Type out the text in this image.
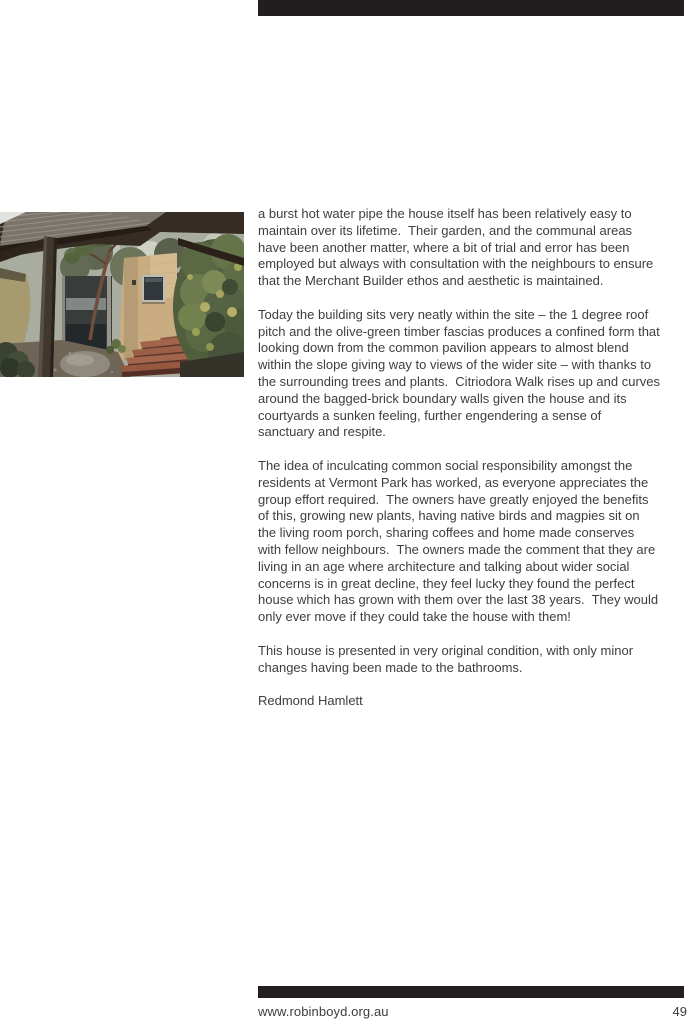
a burst hot water pipe the house itself has been relatively easy to maintain over its lifetime.  Their garden, and the communal areas have been another matter, where a bit of trial and error has been employed but always with consultation with the neighbours to ensure that the Merchant Builder ethos and aesthetic is maintained.

Today the building sits very neatly within the site – the 1 degree roof pitch and the olive-green timber fascias produces a confined form that looking down from the common pavilion appears to almost blend within the slope giving way to views of the wider site – with thanks to the surrounding trees and plants.  Citriodora Walk rises up and curves around the bagged-brick boundary walls given the house and its courtyards a sunken feeling, further engendering a sense of sanctuary and respite.

The idea of inculcating common social responsibility amongst the residents at Vermont Park has worked, as everyone appreciates the group effort required.  The owners have greatly enjoyed the benefits of this, growing new plants, having native birds and magpies sit on the living room porch, sharing coffees and home made conserves with fellow neighbours.  The owners made the comment that they are living in an age where architecture and talking about wider social concerns is in great decline, they feel lucky they found the perfect house which has grown with them over the last 38 years.  They would only ever move if they could take the house with them!

This house is presented in very original condition, with only minor changes having been made to the bathrooms.

Redmond Hamlett

www.robinboyd.org.au	49
